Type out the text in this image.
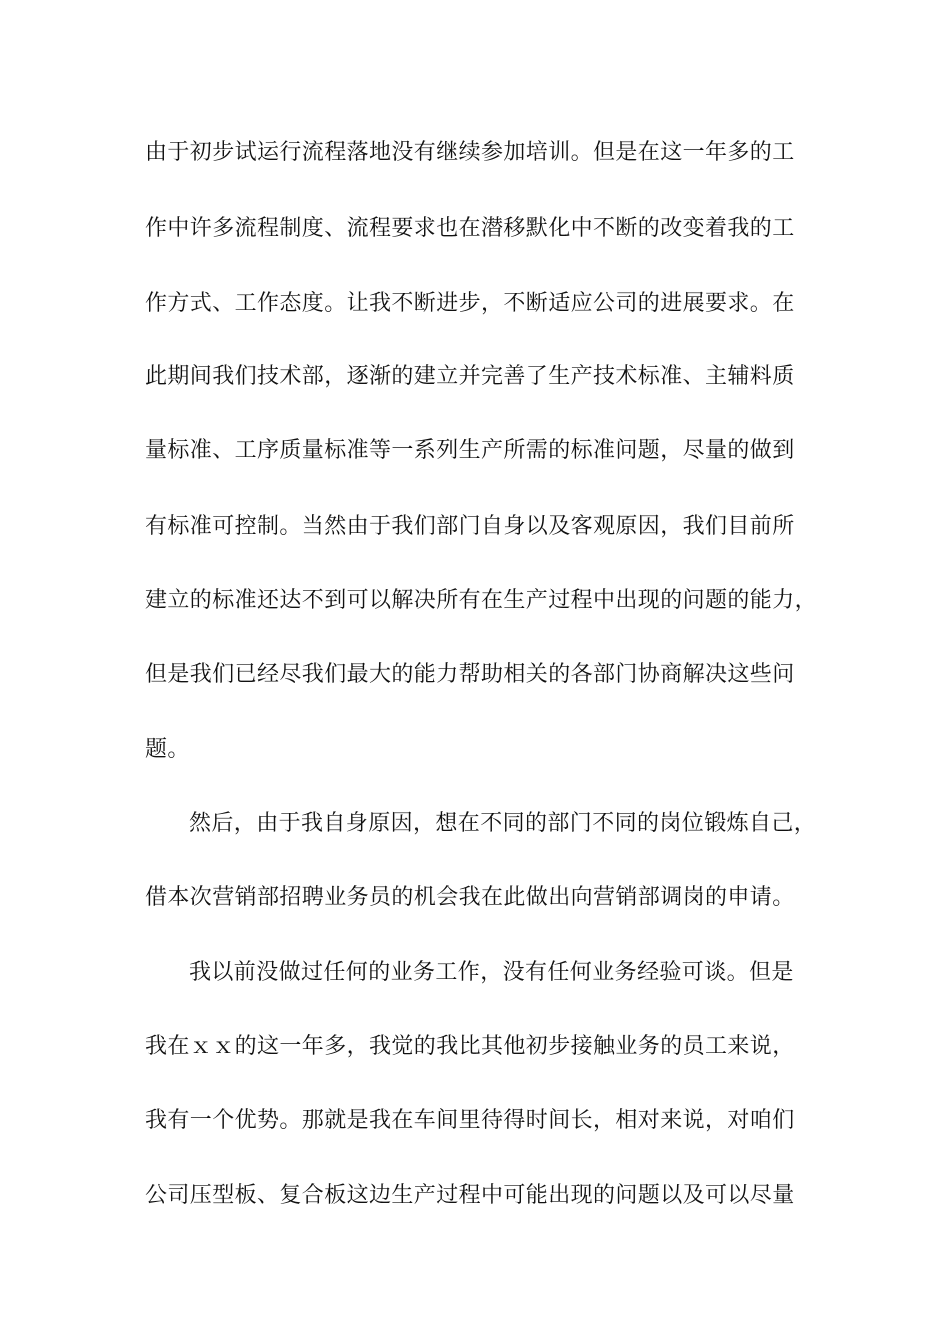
由于初步试运行流程落地没有继续参加培训。但是在这一年多的工
作中许多流程制度、流程要求也在潜移默化中不断的改变着我的工
作方式、工作态度。让我不断进步，不断适应公司的进展要求。在
此期间我们技术部，逐渐的建立并完善了生产技术标准、主辅料质
量标准、工序质量标准等一系列生产所需的标准问题，尽量的做到
有标准可控制。当然由于我们部门自身以及客观原因，我们目前所
建立的标准还达不到可以解决所有在生产过程中出现的问题的能力，
但是我们已经尽我们最大的能力帮助相关的各部门协商解决这些问
题。
然后，由于我自身原因，想在不同的部门不同的岗位锻炼自己，
借本次营销部招聘业务员的机会我在此做出向营销部调岗的申请。
我以前没做过任何的业务工作，没有任何业务经验可谈。但是
我在ｘｘ的这一年多，我觉的我比其他初步接触业务的员工来说，
我有一个优势。那就是我在车间里待得时间长，相对来说，对咱们
公司压型板、复合板这边生产过程中可能出现的问题以及可以尽量
